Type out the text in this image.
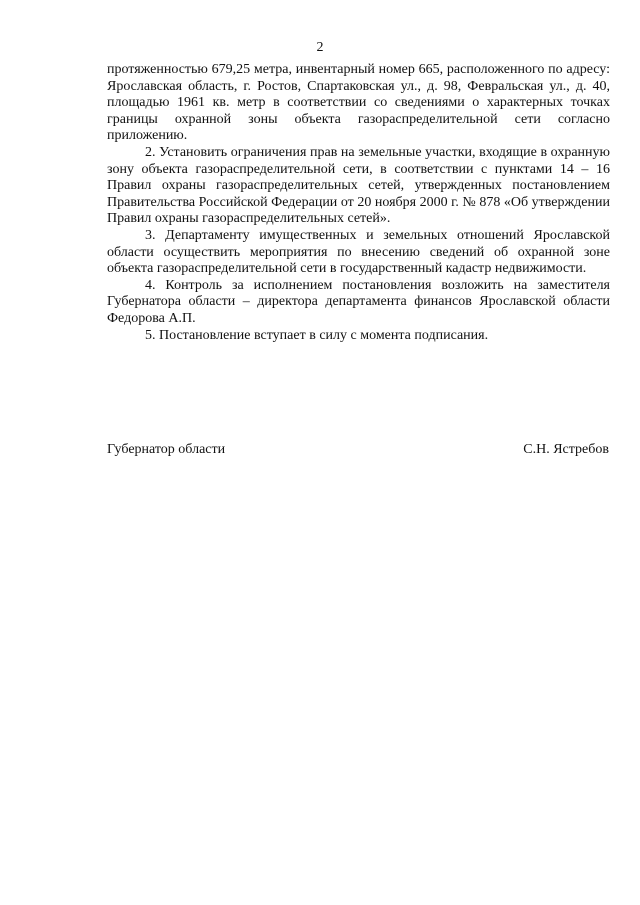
2

протяженностью 679,25 метра, инвентарный номер 665, расположенного по адресу: Ярославская область, г. Ростов, Спартаковская ул., д. 98, Февральская ул., д. 40, площадью 1961 кв. метр в соответствии со сведениями о характерных точках границы охранной зоны объекта газораспределительной сети согласно приложению.

2. Установить ограничения прав на земельные участки, входящие в охранную зону объекта газораспределительной сети, в соответствии с пунктами 14 – 16 Правил охраны газораспределительных сетей, утвержденных постановлением Правительства Российской Федерации от 20 ноября 2000 г. № 878 «Об утверждении Правил охраны газораспределительных сетей».

3. Департаменту имущественных и земельных отношений Ярославской области осуществить мероприятия по внесению сведений об охранной зоне объекта газораспределительной сети в государственный кадастр недвижимости.

4. Контроль за исполнением постановления возложить на заместителя Губернатора области – директора департамента финансов Ярославской области Федорова А.П.

5. Постановление вступает в силу с момента подписания.

Губернатор области	С.Н. Ястребов
